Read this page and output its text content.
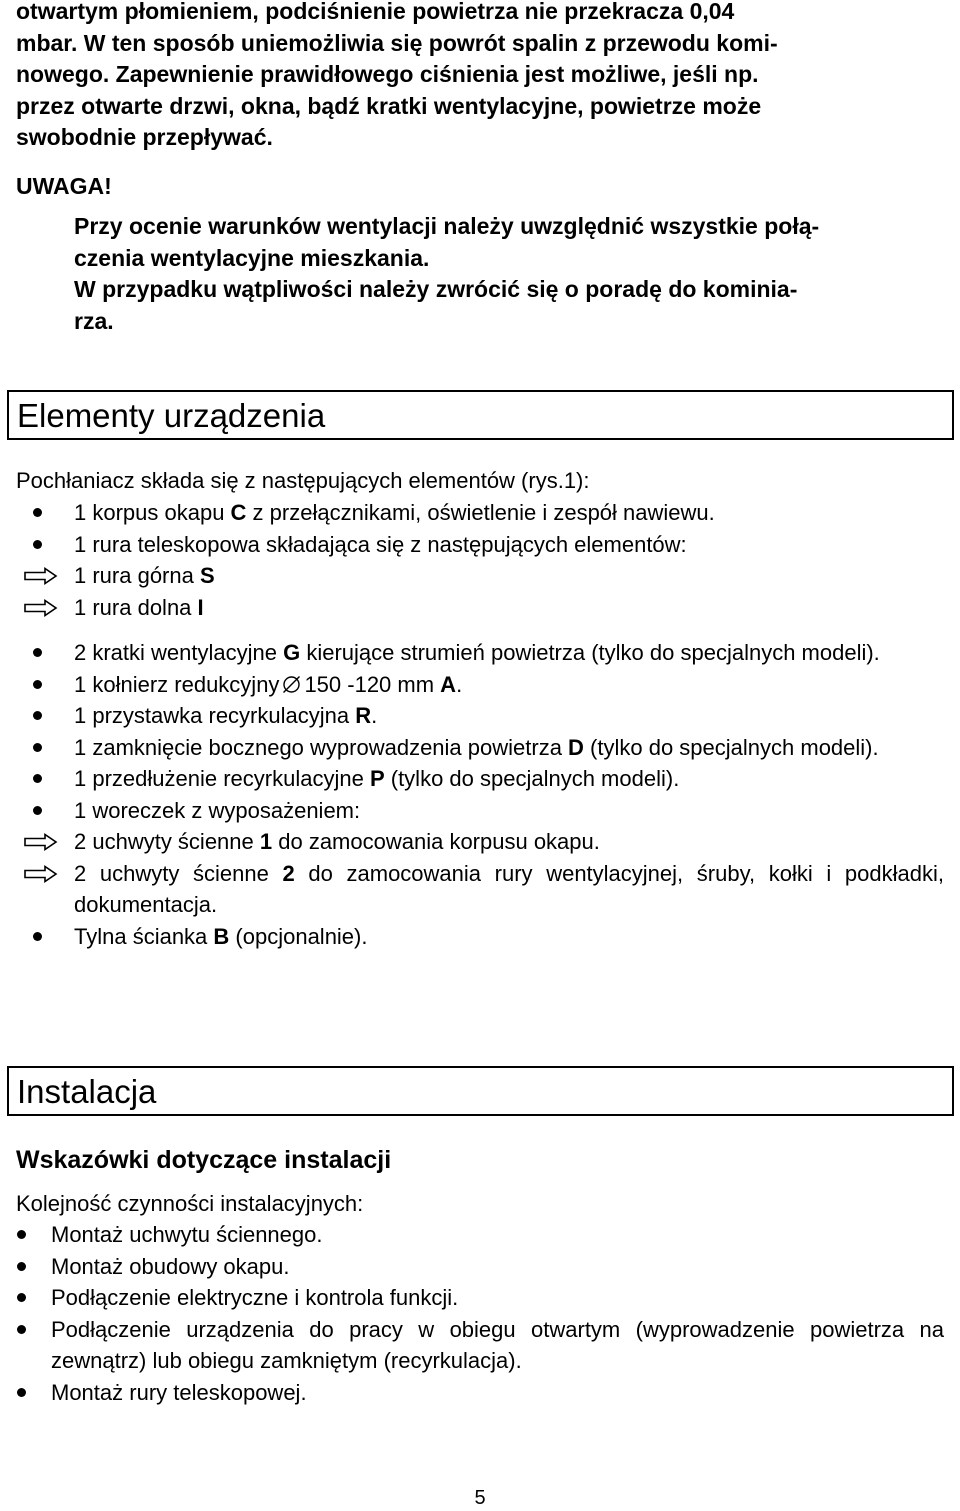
otwartym płomieniem, podciśnienie powietrza nie przekracza 0,04
mbar. W ten sposób uniemożliwia się powrót spalin z przewodu komi-
nowego. Zapewnienie prawidłowego ciśnienia jest możliwe, jeśli np.
przez otwarte drzwi, okna, bądź kratki wentylacyjne, powietrze może
swobodnie przepływać.

UWAGA!

Przy ocenie warunków wentylacji należy uwzględnić wszystkie połą-
czenia wentylacyjne mieszkania.

W przypadku wątpliwości należy zwrócić się o poradę do kominia-
rza.

Elementy urządzenia

Pochłaniacz składa się z następujących elementów (rys.1):

1 korpus okapu C z przełącznikami, oświetlenie i zespół nawiewu.
1 rura teleskopowa składająca się z następujących elementów:
1 rura górna S
1 rura dolna I
2 kratki wentylacyjne G kierujące strumień powietrza (tylko do specjalnych modeli).
1 kołnierz redukcyjny 150 -120 mm A.
1 przystawka recyrkulacyjna R.
1 zamknięcie bocznego wyprowadzenia powietrza D (tylko do specjalnych modeli).
1 przedłużenie recyrkulacyjne P (tylko do specjalnych modeli).
1 woreczek z wyposażeniem:
2 uchwyty ścienne 1 do zamocowania korpusu okapu.
2 uchwyty ścienne 2 do zamocowania rury wentylacyjnej, śruby, kołki i podkładki, dokumentacja.
Tylna ścianka B (opcjonalnie).
Instalacja

Wskazówki dotyczące instalacji

Kolejność czynności instalacyjnych:

Montaż uchwytu ściennego.
Montaż obudowy okapu.
Podłączenie elektryczne i kontrola funkcji.
Podłączenie urządzenia do pracy w obiegu otwartym (wyprowadzenie powietrza na zewnątrz) lub obiegu zamkniętym (recyrkulacja).
Montaż rury teleskopowej.
5
